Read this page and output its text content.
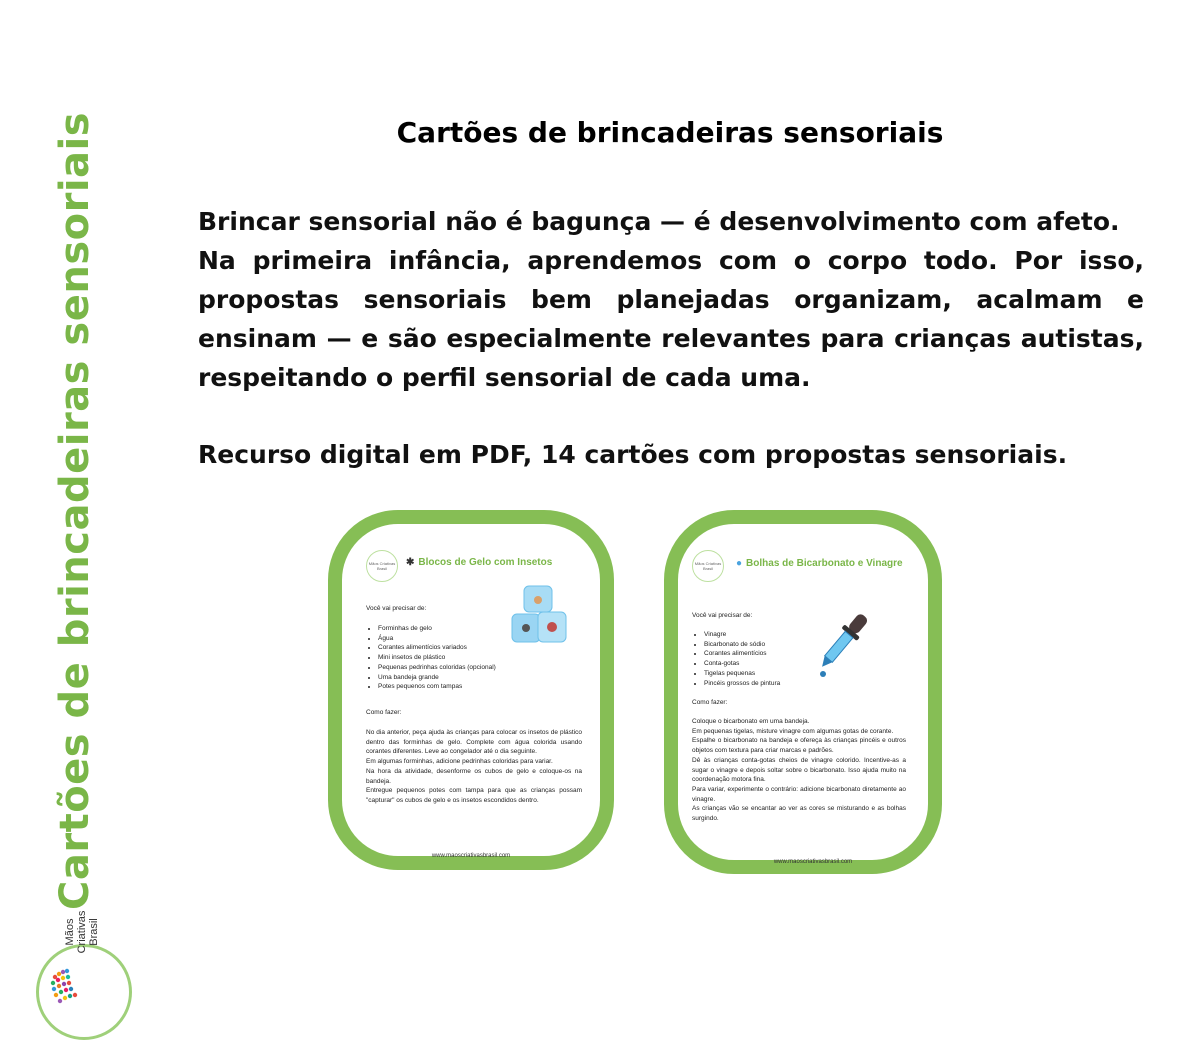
Cartões de brincadeiras sensoriais
Mãos Criativas Brasil
Cartões de brincadeiras sensoriais

Brincar sensorial não é bagunça — é desenvolvimento com afeto.

Na primeira infância, aprendemos com o corpo todo. Por isso, propostas sensoriais bem planejadas organizam, acalmam e ensinam — e são especialmente relevantes para crianças autistas, respeitando o perfil sensorial de cada uma.

Recurso digital em PDF, 14 cartões com propostas sensoriais.
Mãos Criativas Brasil
✱ Blocos de Gelo com Insetos
Você vai precisar de:
• Forminhas de gelo
• Água
• Corantes alimentícios variados
• Mini insetos de plástico
• Pequenas pedrinhas coloridas (opcional)
• Uma bandeja grande
• Potes pequenos com tampas
Como fazer:

No dia anterior, peça ajuda às crianças para colocar os insetos de plástico dentro das forminhas de gelo. Complete com água colorida usando corantes diferentes. Leve ao congelador até o dia seguinte.

Em algumas forminhas, adicione pedrinhas coloridas para variar.

Na hora da atividade, desenforme os cubos de gelo e coloque-os na bandeja.

Entregue pequenos potes com tampa para que as crianças possam "capturar" os cubos de gelo e os insetos escondidos dentro.

www.maoscriativasbrasil.com
Mãos Criativas Brasil	● Bolhas de Bicarbonato e Vinagre
Você vai precisar de:
• Vinagre
• Bicarbonato de sódio
• Corantes alimentícios
• Conta-gotas
• Tigelas pequenas
• Pincéis grossos de pintura
Como fazer:

Coloque o bicarbonato em uma bandeja.

Em pequenas tigelas, misture vinagre com algumas gotas de corante.

Espalhe o bicarbonato na bandeja e ofereça às crianças pincéis e outros objetos com textura para criar marcas e padrões.

Dê às crianças conta-gotas cheios de vinagre colorido. Incentive-as a sugar o vinagre e depois soltar sobre o bicarbonato. Isso ajuda muito na coordenação motora fina.

Para variar, experimente o contrário: adicione bicarbonato diretamente ao vinagre.

As crianças vão se encantar ao ver as cores se misturando e as bolhas surgindo.

www.maoscriativasbrasil.com
